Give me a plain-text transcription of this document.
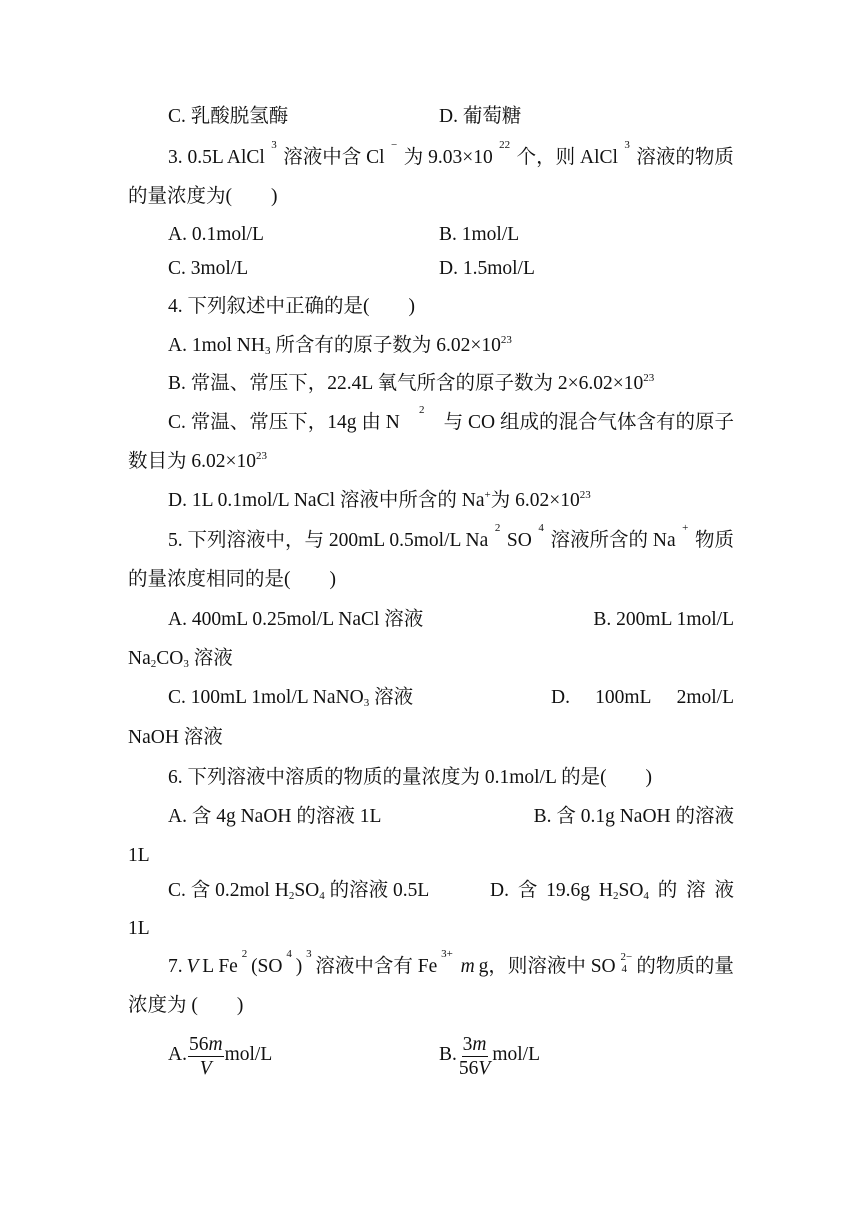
C. 乳酸脱氢酶	D. 葡萄糖
3. 0.5L AlCl
3
溶液中含 Cl
−
为 9.03×10
22
个，则 AlCl
3
溶液的物质
的量浓度为(　　)
A. 0.1mol/L	B. 1mol/L
C. 3mol/L	D. 1.5mol/L
4. 下列叙述中正确的是(　　)
A. 1mol $NH_3$ 所含有的原子数为 $6.02\times 10^{23}$
B. 常温、常压下，22.4L 氧气所含的原子数为 $2\times 6.02\times 10^{23}$
C. 常温、常压下，14g 由 N
2
与 CO 组成的混合气体含有的原子
数目为 $6.02\times 10^{23}$
D. 1L 0.1mol/L NaCl 溶液中所含的 Na+为 $6.02\times 10^{23}$
5. 下列溶液中，与 200mL 0.5mol/L Na
2
SO
4
溶液所含的 Na
+
物质
的量浓度相同的是(　　)
A. 400mL 0.25mol/L NaCl 溶液	B. 200mL 1mol/L
$Na_2CO_3$ 溶液
C. 100mL 1mol/L NaNO$_3$ 溶液	D. 100mL 2mol/L
NaOH 溶液
6. 下列溶液中溶质的物质的量浓度为 0.1mol/L 的是(　　)
A. 含 4g NaOH 的溶液 1L	B. 含 0.1g NaOH 的溶液
1L
C. 含 0.2mol $H_2SO_4$ 的溶液 0.5L	D. 含 19.6g $H_2SO_4$ 的 溶 液
1L
7. V L Fe
2
(SO
4
)
3
溶液中含有 Fe
3+
m g，则溶液中 SO 2−
4 的物质的量
浓度为 (　　)
A. $\frac{56m}{V} mol/L$	B. $\frac{3m}{56V} mol/L$
